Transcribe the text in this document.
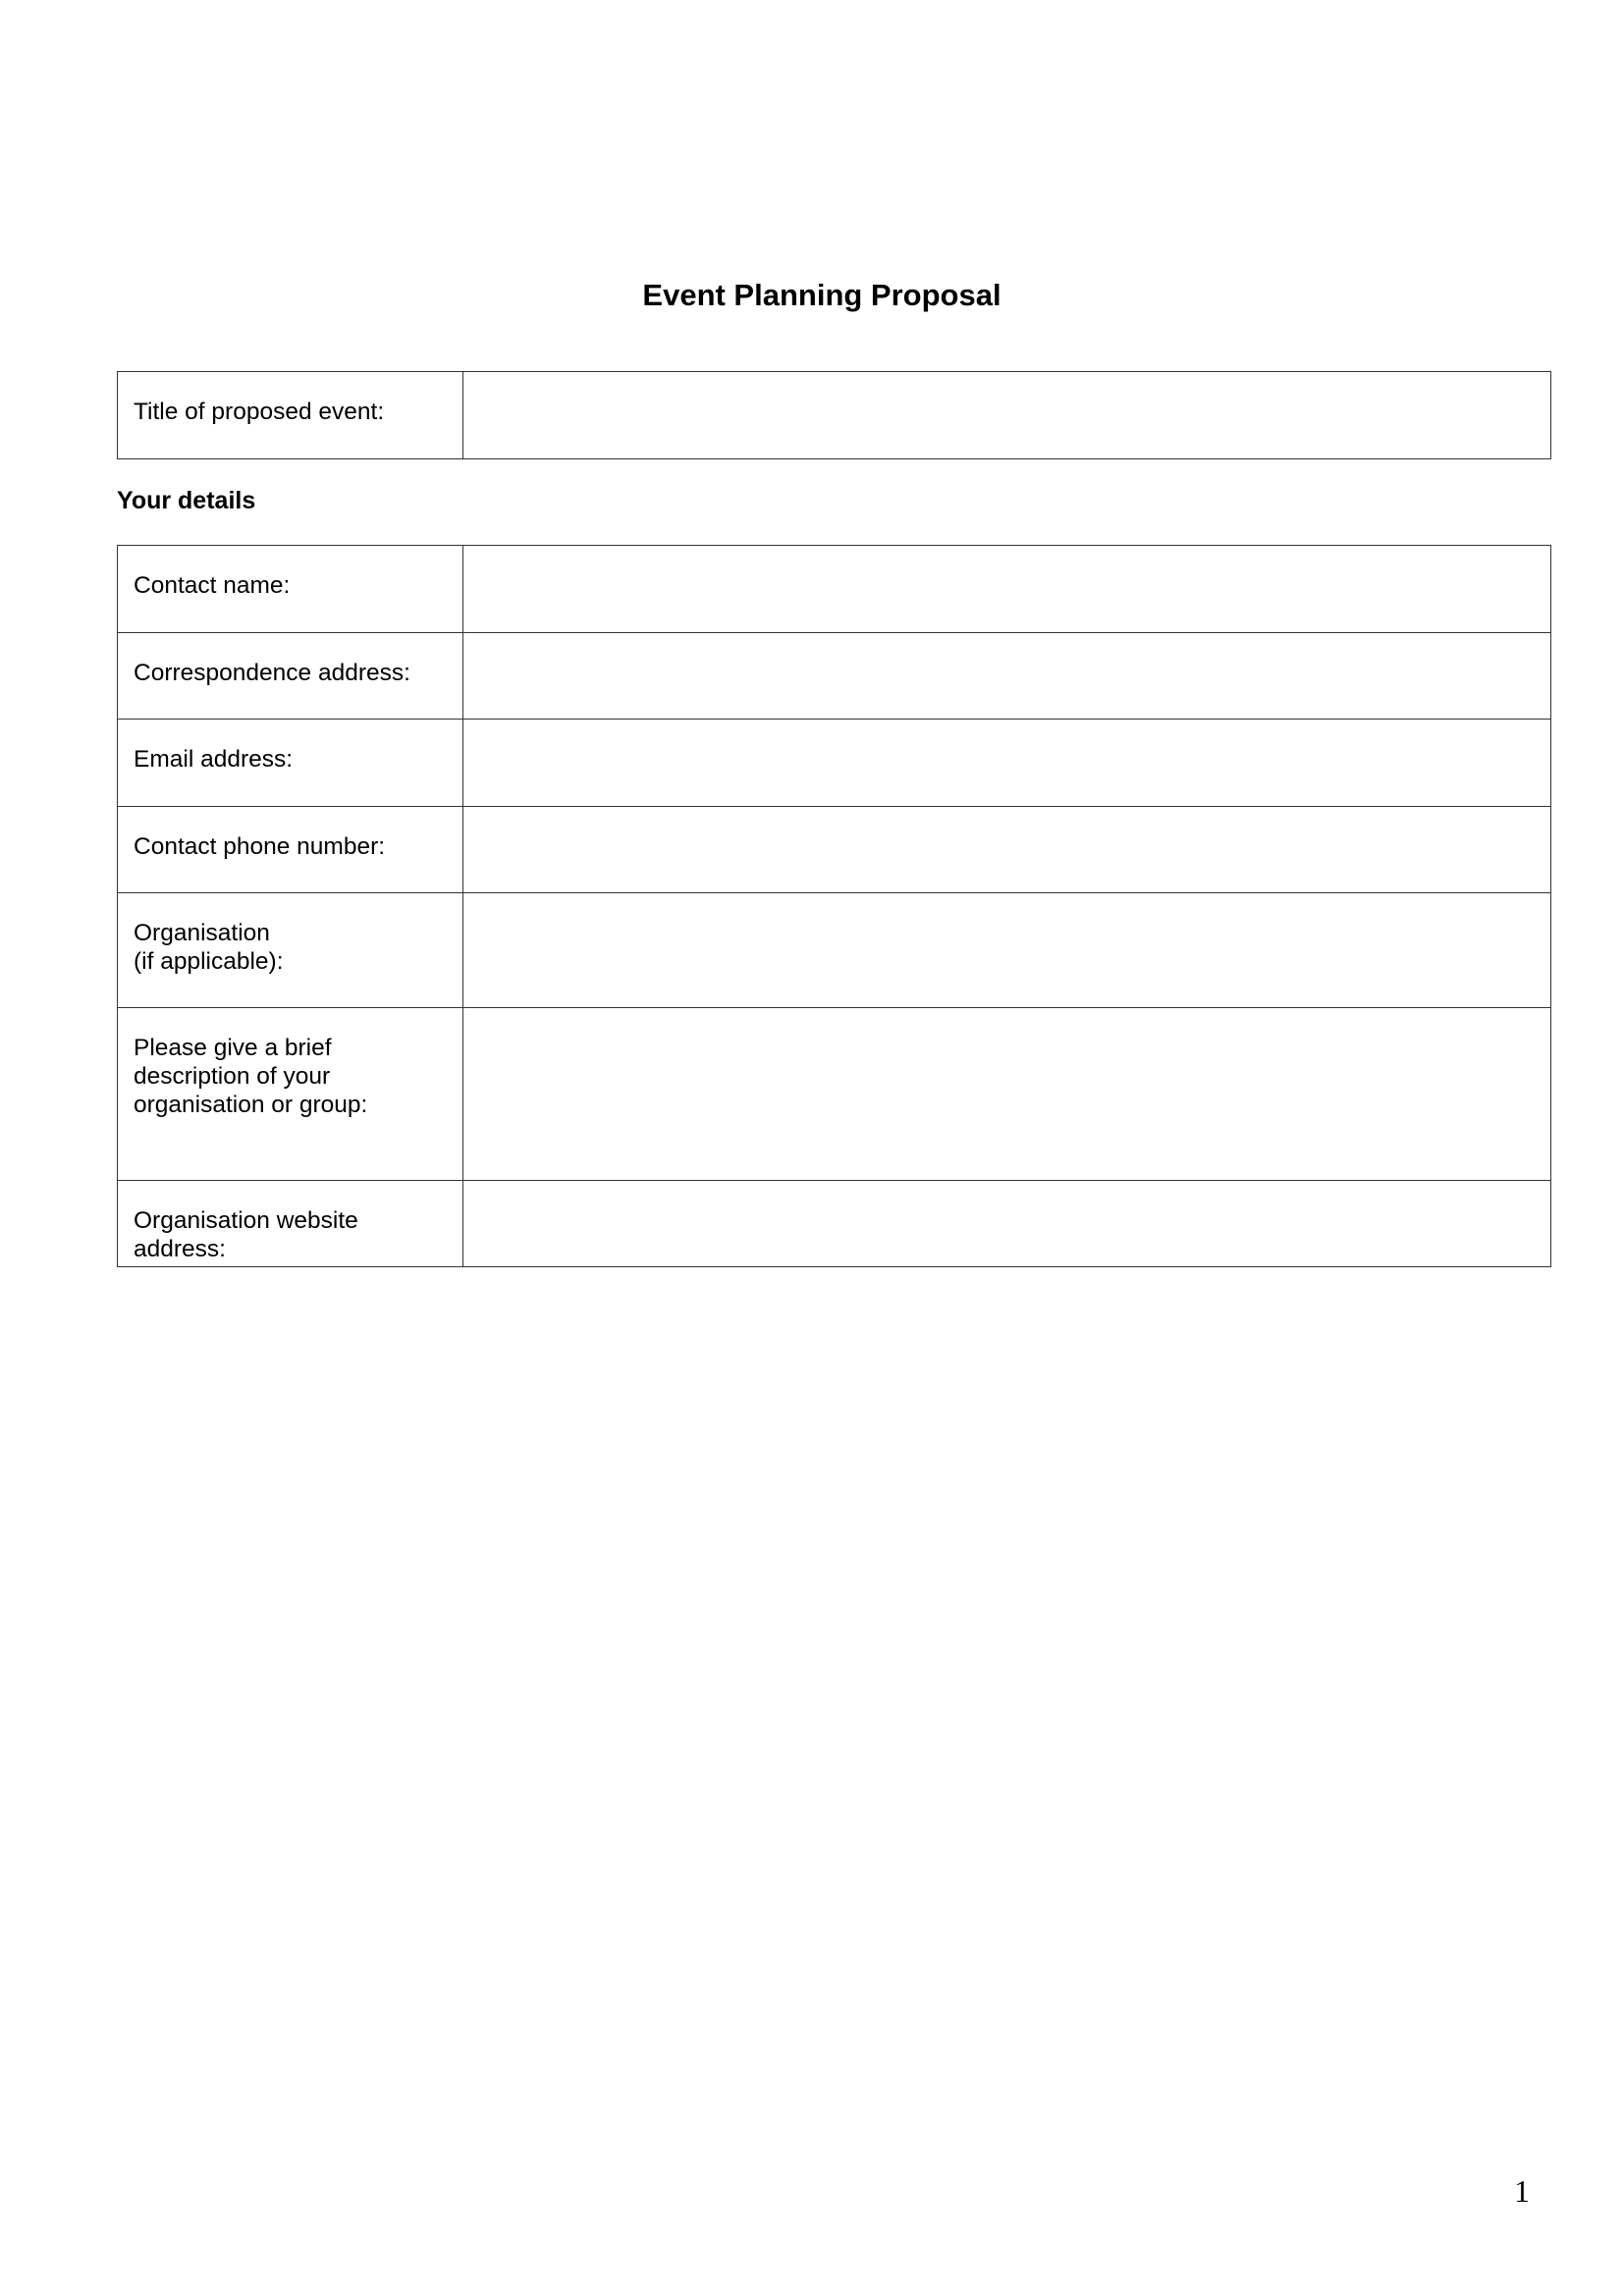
Event Planning Proposal
Title of proposed event:

Your details
Contact name:	

Correspondence address:	

Email address:	

Contact phone number:	

Organisation
(if applicable):	

Please give a brief
description of your
organisation or group:	

Organisation website
address:	

1
